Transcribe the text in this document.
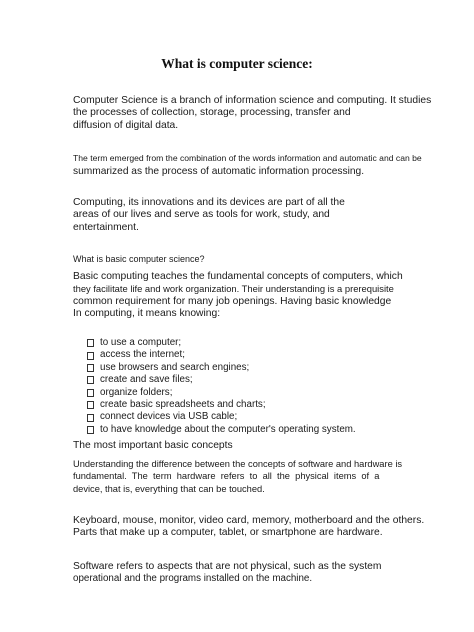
What is computer science:
Computer Science is a branch of information science and computing. It studies
the processes of collection, storage, processing, transfer and
diffusion of digital data.
The term emerged from the combination of the words information and automatic and can be
summarized as the process of automatic information processing.
Computing, its innovations and its devices are part of all the
areas of our lives and serve as tools for work, study, and
entertainment.
What is basic computer science?
Basic computing teaches the fundamental concepts of computers, which
they facilitate life and work organization. Their understanding is a prerequisite
common requirement for many job openings. Having basic knowledge
In computing, it means knowing:
to use a computer;
access the internet;
use browsers and search engines;
create and save files;
organize folders;
create basic spreadsheets and charts;
connect devices via USB cable;
to have knowledge about the computer's operating system.
The most important basic concepts
Understanding the difference between the concepts of software and hardware is
fundamental. The term hardware refers to all the physical items of a
device, that is, everything that can be touched.
Keyboard, mouse, monitor, video card, memory, motherboard and the others.
Parts that make up a computer, tablet, or smartphone are hardware.
Software refers to aspects that are not physical, such as the system
operational and the programs installed on the machine.
